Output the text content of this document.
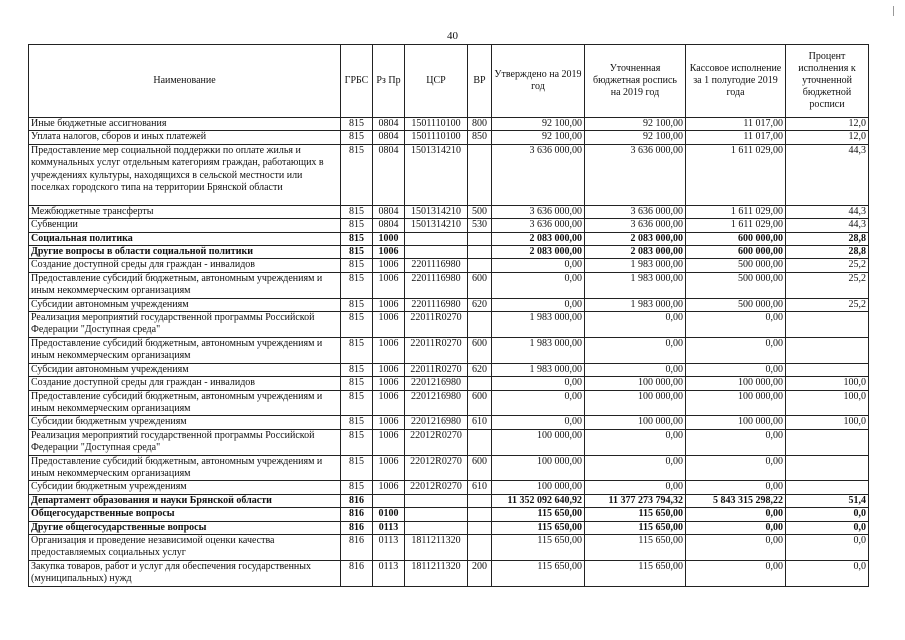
40
Наименование	ГРБС	Рз Пр	ЦСР	ВР	Утверждено на 2019 год	Уточненная бюджетная роспись на 2019 год	Кассовое исполнение за 1 полугодие 2019 года	Процент исполнения к уточненной бюджетной росписи
Иные бюджетные ассигнования	815	0804	1501110100	800	92 100,00	92 100,00	11 017,00	12,0
Уплата налогов, сборов и иных платежей	815	0804	1501110100	850	92 100,00	92 100,00	11 017,00	12,0
Предоставление мер социальной поддержки по оплате жилья и коммунальных услуг отдельным категориям граждан, работающих в учреждениях культуры, находящихся в сельской местности или поселках городского типа на территории Брянской области	815	0804	1501314210		3 636 000,00	3 636 000,00	1 611 029,00	44,3
Межбюджетные трансферты	815	0804	1501314210	500	3 636 000,00	3 636 000,00	1 611 029,00	44,3
Субвенции	815	0804	1501314210	530	3 636 000,00	3 636 000,00	1 611 029,00	44,3
Социальная политика	815	1000			2 083 000,00	2 083 000,00	600 000,00	28,8
Другие вопросы в области социальной политики	815	1006			2 083 000,00	2 083 000,00	600 000,00	28,8
Создание доступной среды для граждан - инвалидов	815	1006	2201116980		0,00	1 983 000,00	500 000,00	25,2
Предоставление субсидий бюджетным, автономным учреждениям и иным некоммерческим организациям	815	1006	2201116980	600	0,00	1 983 000,00	500 000,00	25,2
Субсидии автономным учреждениям	815	1006	2201116980	620	0,00	1 983 000,00	500 000,00	25,2
Реализация мероприятий государственной программы Российской Федерации "Доступная среда"	815	1006	22011R0270		1 983 000,00	0,00	0,00	
Предоставление субсидий бюджетным, автономным учреждениям и иным некоммерческим организациям	815	1006	22011R0270	600	1 983 000,00	0,00	0,00	
Субсидии автономным учреждениям	815	1006	22011R0270	620	1 983 000,00	0,00	0,00	
Создание доступной среды для граждан - инвалидов	815	1006	2201216980		0,00	100 000,00	100 000,00	100,0
Предоставление субсидий бюджетным, автономным учреждениям и иным некоммерческим организациям	815	1006	2201216980	600	0,00	100 000,00	100 000,00	100,0
Субсидии бюджетным учреждениям	815	1006	2201216980	610	0,00	100 000,00	100 000,00	100,0
Реализация мероприятий государственной программы Российской Федерации "Доступная среда"	815	1006	22012R0270		100 000,00	0,00	0,00	
Предоставление субсидий бюджетным, автономным учреждениям и иным некоммерческим организациям	815	1006	22012R0270	600	100 000,00	0,00	0,00	
Субсидии бюджетным учреждениям	815	1006	22012R0270	610	100 000,00	0,00	0,00	
Департамент образования и науки Брянской области	816				11 352 092 640,92	11 377 273 794,32	5 843 315 298,22	51,4
Общегосударственные вопросы	816	0100			115 650,00	115 650,00	0,00	0,0
Другие общегосударственные вопросы	816	0113			115 650,00	115 650,00	0,00	0,0
Организация и проведение независимой оценки качества предоставляемых социальных услуг	816	0113	1811211320		115 650,00	115 650,00	0,00	0,0
Закупка товаров, работ и услуг для обеспечения государственных (муниципальных) нужд	816	0113	1811211320	200	115 650,00	115 650,00	0,00	0,0
